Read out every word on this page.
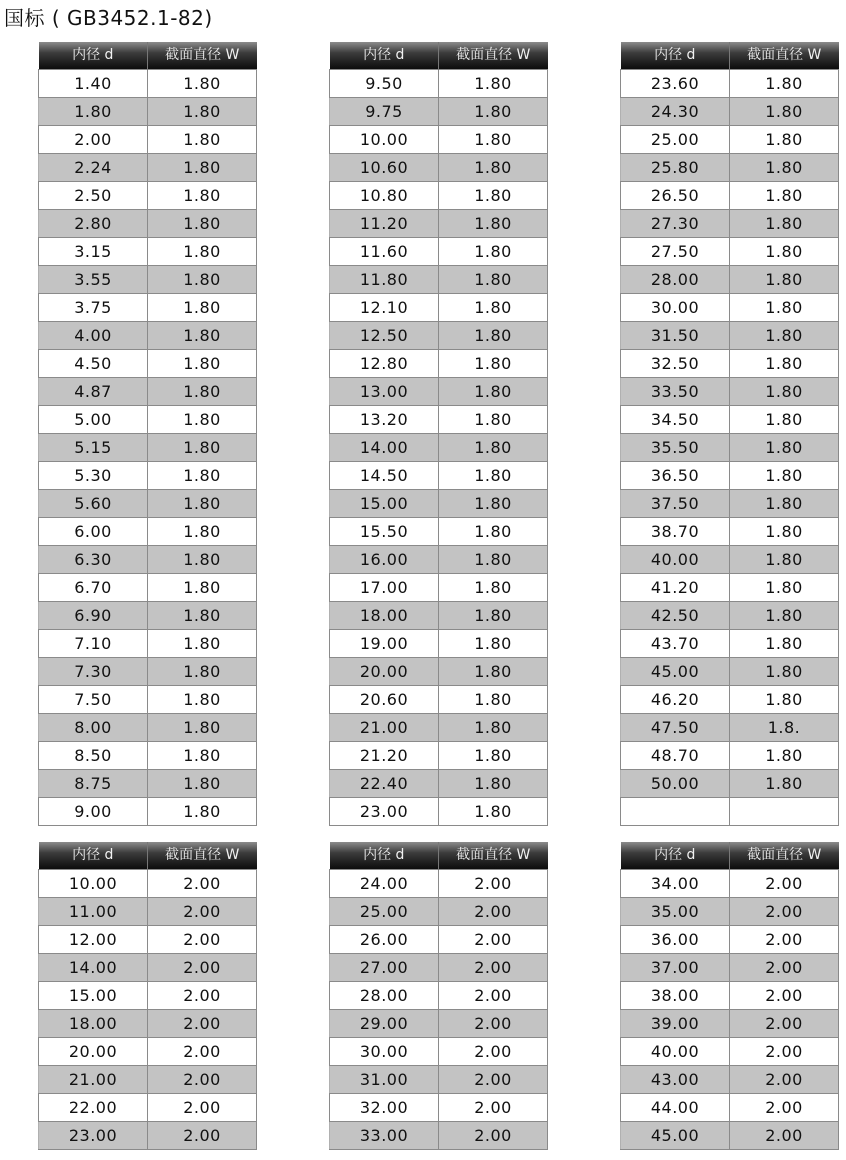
国标 ( GB3452.1-82)
内径 d	截面直径 W
1.40	1.80
1.80	1.80
2.00	1.80
2.24	1.80
2.50	1.80
2.80	1.80
3.15	1.80
3.55	1.80
3.75	1.80
4.00	1.80
4.50	1.80
4.87	1.80
5.00	1.80
5.15	1.80
5.30	1.80
5.60	1.80
6.00	1.80
6.30	1.80
6.70	1.80
6.90	1.80
7.10	1.80
7.30	1.80
7.50	1.80
8.00	1.80
8.50	1.80
8.75	1.80
9.00	1.80
内径 d	截面直径 W
9.50	1.80
9.75	1.80
10.00	1.80
10.60	1.80
10.80	1.80
11.20	1.80
11.60	1.80
11.80	1.80
12.10	1.80
12.50	1.80
12.80	1.80
13.00	1.80
13.20	1.80
14.00	1.80
14.50	1.80
15.00	1.80
15.50	1.80
16.00	1.80
17.00	1.80
18.00	1.80
19.00	1.80
20.00	1.80
20.60	1.80
21.00	1.80
21.20	1.80
22.40	1.80
23.00	1.80
内径 d	截面直径 W
23.60	1.80
24.30	1.80
25.00	1.80
25.80	1.80
26.50	1.80
27.30	1.80
27.50	1.80
28.00	1.80
30.00	1.80
31.50	1.80
32.50	1.80
33.50	1.80
34.50	1.80
35.50	1.80
36.50	1.80
37.50	1.80
38.70	1.80
40.00	1.80
41.20	1.80
42.50	1.80
43.70	1.80
45.00	1.80
46.20	1.80
47.50	1.8.
48.70	1.80
50.00	1.80

内径 d	截面直径 W
10.00	2.00
11.00	2.00
12.00	2.00
14.00	2.00
15.00	2.00
18.00	2.00
20.00	2.00
21.00	2.00
22.00	2.00
23.00	2.00
内径 d	截面直径 W
24.00	2.00
25.00	2.00
26.00	2.00
27.00	2.00
28.00	2.00
29.00	2.00
30.00	2.00
31.00	2.00
32.00	2.00
33.00	2.00
内径 d	截面直径 W
34.00	2.00
35.00	2.00
36.00	2.00
37.00	2.00
38.00	2.00
39.00	2.00
40.00	2.00
43.00	2.00
44.00	2.00
45.00	2.00
